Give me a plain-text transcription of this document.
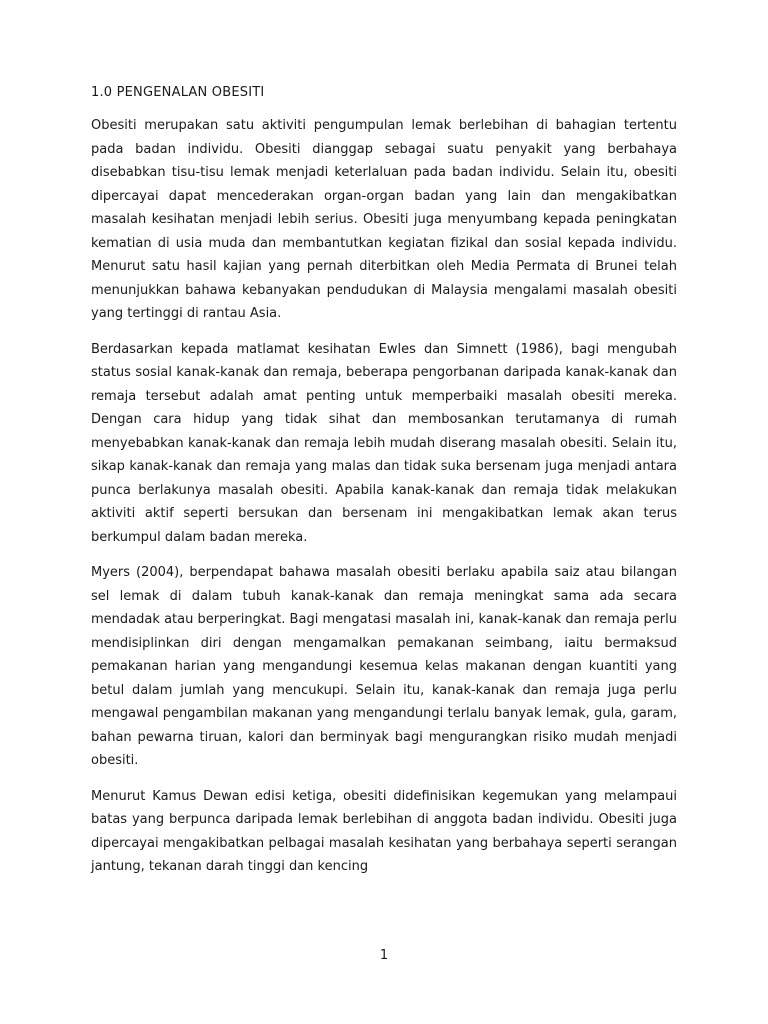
1.0 PENGENALAN OBESITI

Obesiti merupakan satu aktiviti pengumpulan lemak berlebihan di bahagian tertentu pada badan individu. Obesiti dianggap sebagai suatu penyakit yang berbahaya disebabkan tisu-tisu lemak menjadi keterlaluan pada badan individu. Selain itu, obesiti dipercayai dapat mencederakan organ-organ badan yang lain dan mengakibatkan masalah kesihatan menjadi lebih serius. Obesiti juga menyumbang kepada peningkatan kematian di usia muda dan membantutkan kegiatan fizikal dan sosial kepada individu. Menurut satu hasil kajian yang pernah diterbitkan oleh Media Permata di Brunei telah menunjukkan bahawa kebanyakan pendudukan di Malaysia mengalami masalah obesiti yang tertinggi di rantau Asia.

Berdasarkan kepada matlamat kesihatan Ewles dan Simnett (1986), bagi mengubah status sosial kanak-kanak dan remaja, beberapa pengorbanan daripada kanak-kanak dan remaja tersebut adalah amat penting untuk memperbaiki masalah obesiti mereka. Dengan cara hidup yang tidak sihat dan membosankan terutamanya di rumah menyebabkan kanak-kanak dan remaja lebih mudah diserang masalah obesiti. Selain itu, sikap kanak-kanak dan remaja yang malas dan tidak suka bersenam juga menjadi antara punca berlakunya masalah obesiti. Apabila kanak-kanak dan remaja tidak melakukan aktiviti aktif seperti bersukan dan bersenam ini mengakibatkan lemak akan terus berkumpul dalam badan mereka.

Myers (2004), berpendapat bahawa masalah obesiti berlaku apabila saiz atau bilangan sel lemak di dalam tubuh kanak-kanak dan remaja meningkat sama ada secara mendadak atau berperingkat. Bagi mengatasi masalah ini, kanak-kanak dan remaja perlu mendisiplinkan diri dengan mengamalkan pemakanan seimbang, iaitu bermaksud pemakanan harian yang mengandungi kesemua kelas makanan dengan kuantiti yang betul dalam jumlah yang mencukupi. Selain itu, kanak-kanak dan remaja juga perlu mengawal pengambilan makanan yang mengandungi terlalu banyak lemak, gula, garam, bahan pewarna tiruan, kalori dan berminyak bagi mengurangkan risiko mudah menjadi obesiti.

Menurut Kamus Dewan edisi ketiga, obesiti didefinisikan kegemukan yang melampaui batas yang berpunca daripada lemak berlebihan di anggota badan individu. Obesiti juga dipercayai mengakibatkan pelbagai masalah kesihatan yang berbahaya seperti serangan jantung, tekanan darah tinggi dan kencing

1
